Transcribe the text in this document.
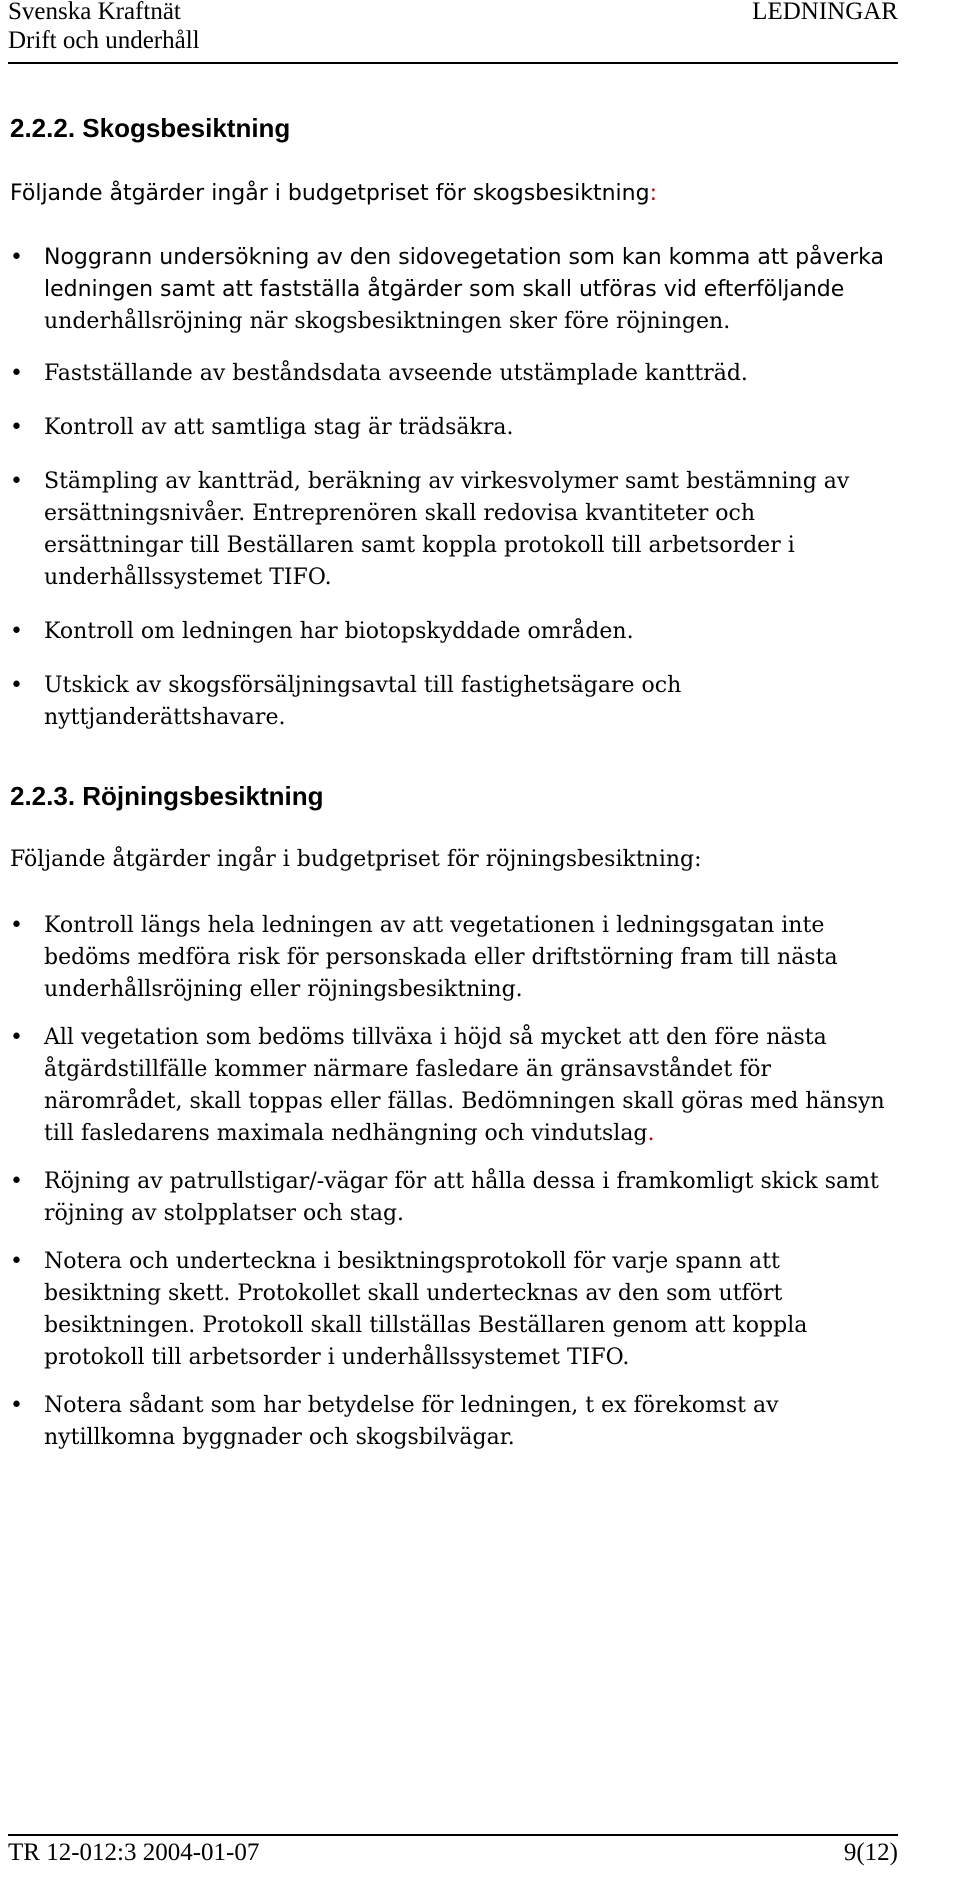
Svenska Kraftnät
Drift och underhåll
LEDNINGAR
2.2.2. Skogsbesiktning

Följande åtgärder ingår i budgetpriset för skogsbesiktning:

• Noggrann undersökning av den sidovegetation som kan komma att påverka ledningen samt att fastställa åtgärder som skall utföras vid efterföljande underhållsröjning när skogsbesiktningen sker före röjningen.
• Fastställande av beståndsdata avseende utstämplade kantträd.
• Kontroll av att samtliga stag är trädsäkra.
• Stämpling av kantträd, beräkning av virkesvolymer samt bestämning av ersättningsnivåer. Entreprenören skall redovisa kvantiteter och ersättningar till Beställaren samt koppla protokoll till arbetsorder i underhållssystemet TIFO.
• Kontroll om ledningen har biotopskyddade områden.
• Utskick av skogsförsäljningsavtal till fastighetsägare och nyttjanderättshavare.
2.2.3. Röjningsbesiktning

Följande åtgärder ingår i budgetpriset för röjningsbesiktning:

• Kontroll längs hela ledningen av att vegetationen i ledningsgatan inte bedöms medföra risk för personskada eller driftstörning fram till nästa underhållsröjning eller röjningsbesiktning.
• All vegetation som bedöms tillväxa i höjd så mycket att den före nästa åtgärdstillfälle kommer närmare fasledare än gränsavståndet för närområdet, skall toppas eller fällas. Bedömningen skall göras med hänsyn till fasledarens maximala nedhängning och vindutslag.
• Röjning av patrullstigar/-vägar för att hålla dessa i framkomligt skick samt röjning av stolpplatser och stag.
• Notera och underteckna i besiktningsprotokoll för varje spann att besiktning skett. Protokollet skall undertecknas av den som utfört besiktningen. Protokoll skall tillställas Beställaren genom att koppla protokoll till arbetsorder i underhållssystemet TIFO.
• Notera sådant som har betydelse för ledningen, t ex förekomst av nytillkomna byggnader och skogsbilvägar.
TR 12-012:3 2004-01-07	9(12)
